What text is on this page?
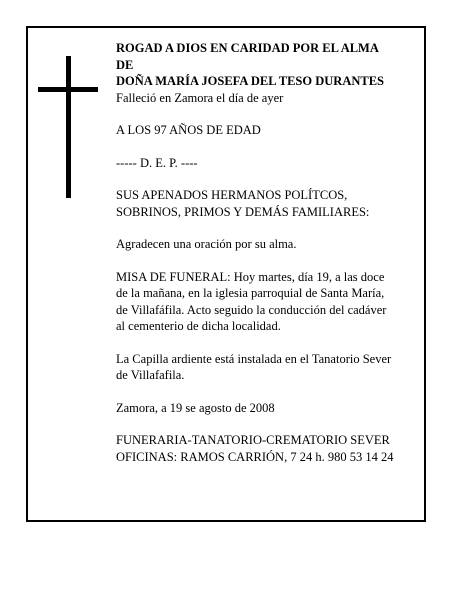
ROGAD A DIOS EN CARIDAD POR EL ALMA

DE

DOÑA MARÍA JOSEFA DEL TESO DURANTES

Falleció en Zamora el día de ayer

A LOS 97 AÑOS DE EDAD

----- D. E. P. ----

SUS APENADOS HERMANOS POLÍTCOS,

SOBRINOS, PRIMOS Y DEMÁS FAMILIARES:

Agradecen una oración por su alma.

MISA DE FUNERAL: Hoy martes, día 19, a las doce

de la mañana, en la iglesia parroquial de Santa María,

de Villafáfila. Acto seguido la conducción del cadáver

al cementerio de dicha localidad.

La Capilla ardiente está instalada en el Tanatorio Sever

de Villafafila.

Zamora, a 19 se agosto de 2008

FUNERARIA-TANATORIO-CREMATORIO SEVER

OFICINAS: RAMOS CARRIÓN, 7 24 h. 980 53 14 24
